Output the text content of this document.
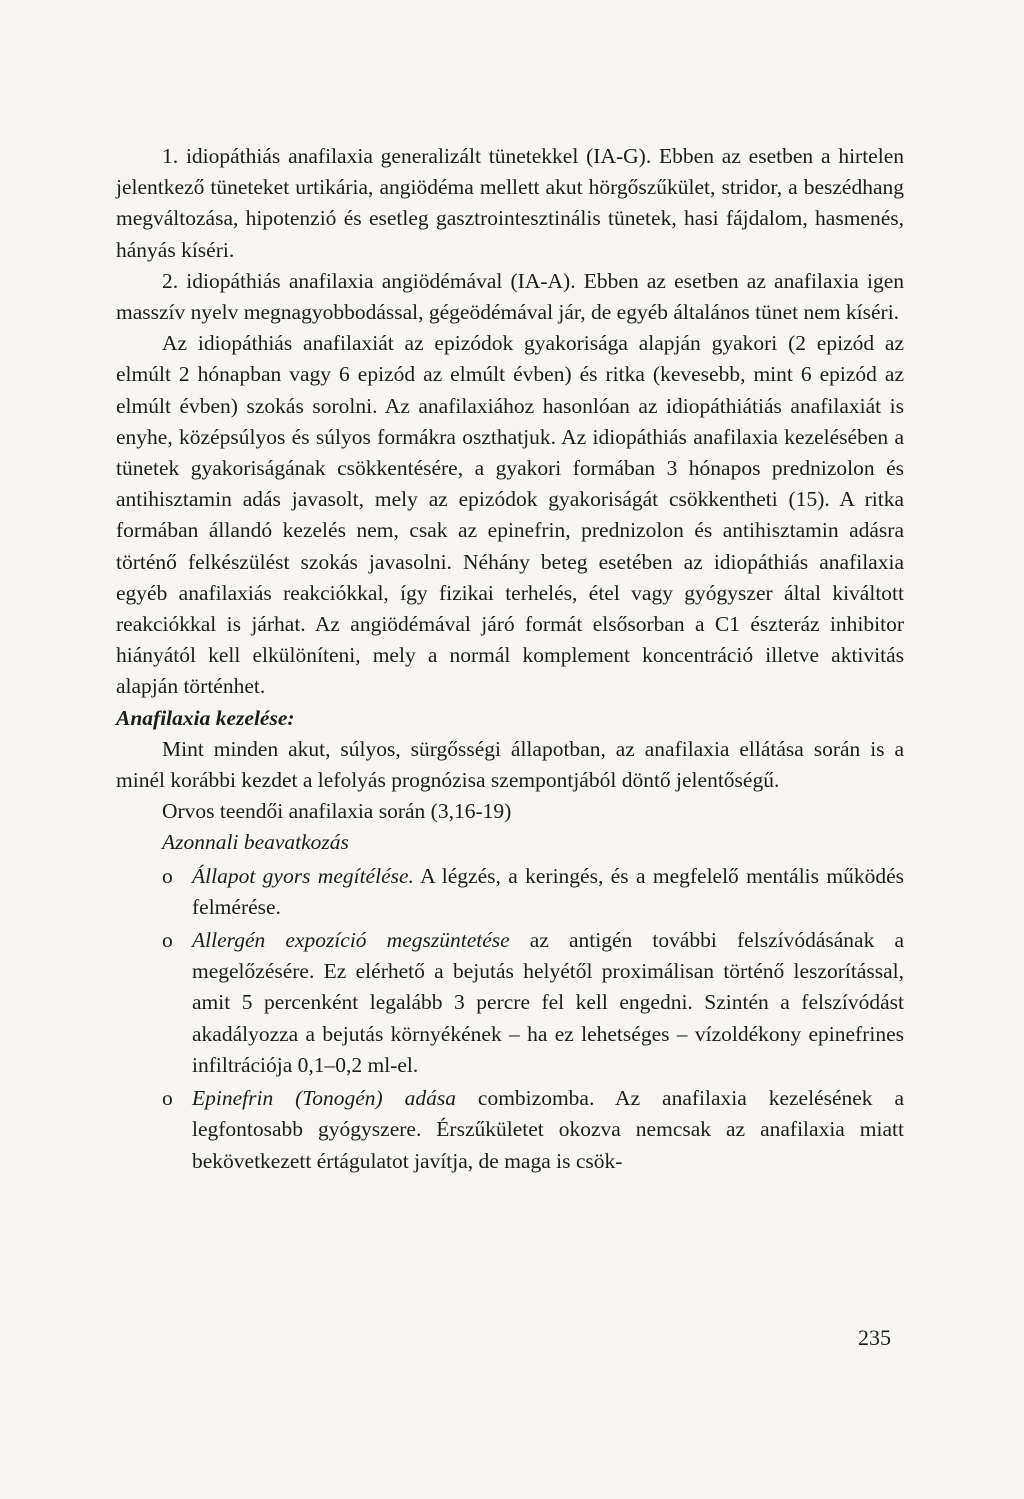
1. idiopáthiás anafilaxia generalizált tünetekkel (IA-G). Ebben az esetben a hirtelen jelentkező tüneteket urtikária, angiödéma mellett akut hörgőszűkület, stridor, a beszédhang megváltozása, hipotenzió és esetleg gasztrointesztinális tünetek, hasi fájdalom, hasmenés, hányás kíséri.

2. idiopáthiás anafilaxia angiödémával (IA-A). Ebben az esetben az anafilaxia igen masszív nyelv megnagyobbodással, gégeödémával jár, de egyéb általános tünet nem kíséri.

Az idiopáthiás anafilaxiát az epizódok gyakorisága alapján gyakori (2 epizód az elmúlt 2 hónapban vagy 6 epizód az elmúlt évben) és ritka (kevesebb, mint 6 epizód az elmúlt évben) szokás sorolni. Az anafilaxiához hasonlóan az idiopáthiátiás anafilaxiát is enyhe, középsúlyos és súlyos formákra oszthatjuk. Az idiopáthiás anafilaxia kezelésében a tünetek gyakoriságának csökkentésére, a gyakori formában 3 hónapos prednizolon és antihisztamin adás javasolt, mely az epizódok gyakoriságát csökkentheti (15). A ritka formában állandó kezelés nem, csak az epinefrin, prednizolon és antihisztamin adásra történő felkészülést szokás javasolni. Néhány beteg esetében az idiopáthiás anafilaxia egyéb anafilaxiás reakciókkal, így fizikai terhelés, étel vagy gyógyszer által kiváltott reakciókkal is járhat. Az angiödémával járó formát elsősorban a C1 észteráz inhibitor hiányától kell elkülöníteni, mely a normál komplement koncentráció illetve aktivitás alapján történhet.

Anafilaxia kezelése:

Mint minden akut, súlyos, sürgősségi állapotban, az anafilaxia ellátása során is a minél korábbi kezdet a lefolyás prognózisa szempontjából döntő jelentőségű.

Orvos teendői anafilaxia során (3,16-19)

Azonnali beavatkozás

o Állapot gyors megítélése. A légzés, a keringés, és a megfelelő mentális működés felmérése.
o Allergén expozíció megszüntetése az antigén további felszívódásának a megelőzésére. Ez elérhető a bejutás helyétől proximálisan történő leszorítással, amit 5 percenként legalább 3 percre fel kell engedni. Szintén a felszívódást akadályozza a bejutás környékének – ha ez lehetséges – vízoldékony epinefrines infiltrációja 0,1–0,2 ml-el.
o Epinefrin (Tonogén) adása combizomba. Az anafilaxia kezelésének a legfontosabb gyógyszere. Érszűkületet okozva nemcsak az anafilaxia miatt bekövetkezett értágulatot javítja, de maga is csök-
235
